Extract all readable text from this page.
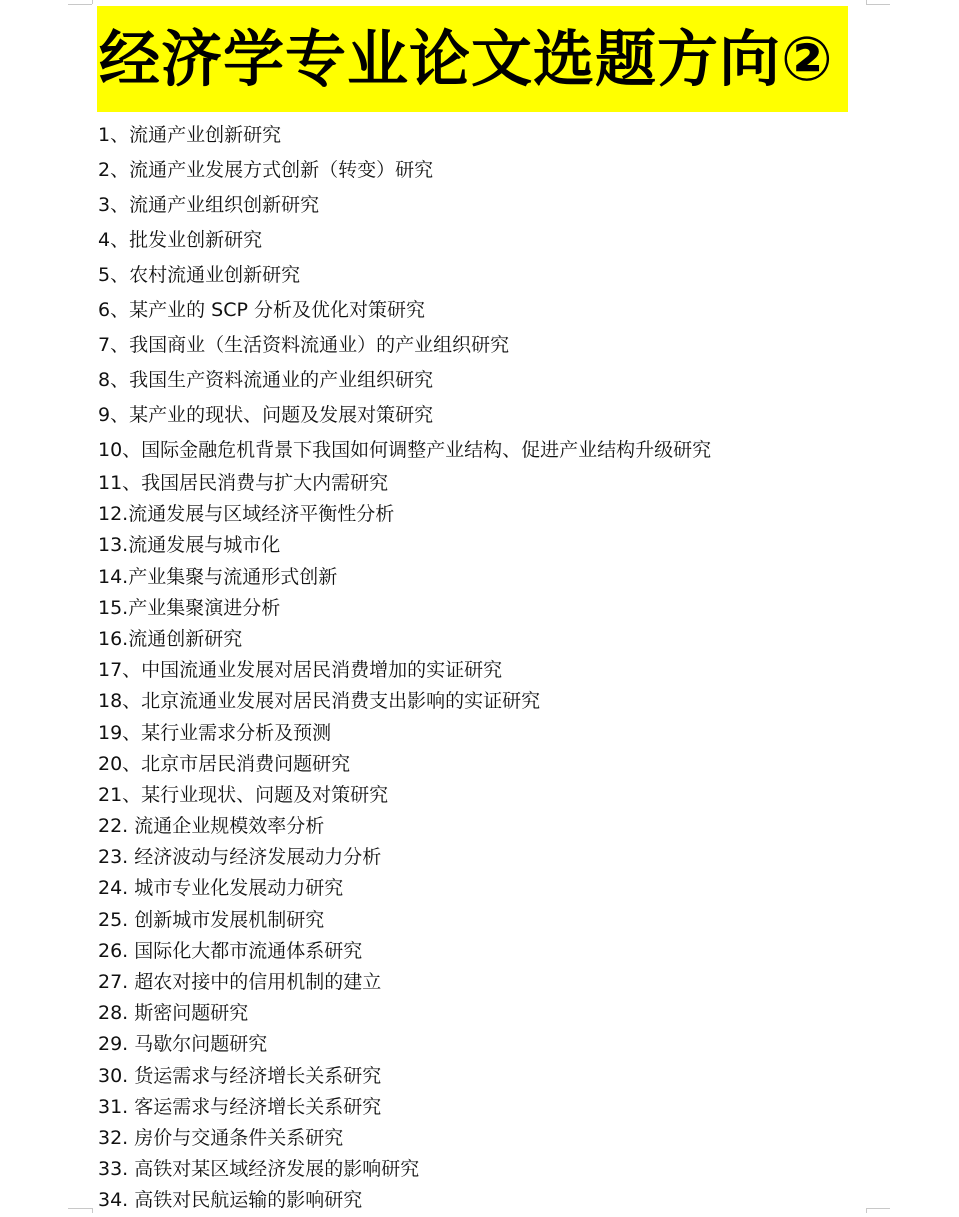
经济学专业论文选题方向②
1、流通产业创新研究
2、流通产业发展方式创新（转变）研究
3、流通产业组织创新研究
4、批发业创新研究
5、农村流通业创新研究
6、某产业的 SCP 分析及优化对策研究
7、我国商业（生活资料流通业）的产业组织研究
8、我国生产资料流通业的产业组织研究
9、某产业的现状、问题及发展对策研究
10、国际金融危机背景下我国如何调整产业结构、促进产业结构升级研究
11、我国居民消费与扩大内需研究
12.流通发展与区域经济平衡性分析
13.流通发展与城市化
14.产业集聚与流通形式创新
15.产业集聚演进分析
16.流通创新研究
17、中国流通业发展对居民消费增加的实证研究
18、北京流通业发展对居民消费支出影响的实证研究
19、某行业需求分析及预测
20、北京市居民消费问题研究
21、某行业现状、问题及对策研究
22. 流通企业规模效率分析
23. 经济波动与经济发展动力分析
24. 城市专业化发展动力研究
25. 创新城市发展机制研究
26. 国际化大都市流通体系研究
27. 超农对接中的信用机制的建立
28. 斯密问题研究
29. 马歇尔问题研究
30. 货运需求与经济增长关系研究
31. 客运需求与经济增长关系研究
32. 房价与交通条件关系研究
33. 高铁对某区域经济发展的影响研究
34. 高铁对民航运输的影响研究
